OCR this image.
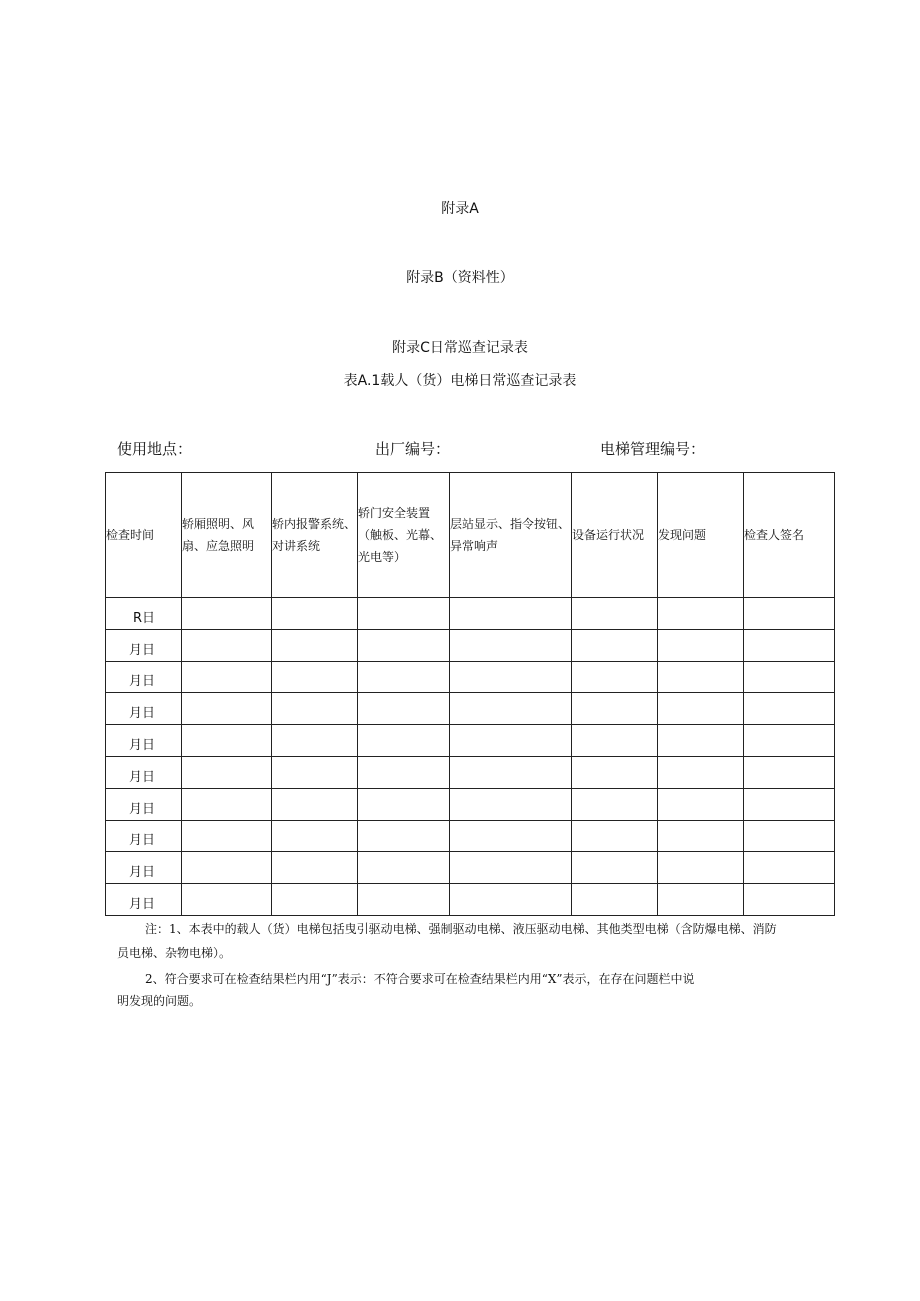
附录A
附录B（资料性）
附录C日常巡查记录表
表A.1载人（货）电梯日常巡查记录表
使用地点：	出厂编号：	电梯管理编号：
检查时间	轿厢照明、风扇、应急照明	轿内报警系统、对讲系统	轿门安全装置（触板、光幕、光电等）	层站显示、指令按钮、异常响声	设备运行状况	发现问题	检查人签名
R日							
月日							
月日							
月日							
月日							
月日							
月日							
月日							
月日							
月日							
注：1、本表中的载人（货）电梯包括曳引驱动电梯、强制驱动电梯、液压驱动电梯、其他类型电梯（含防爆电梯、消防
员电梯、杂物电梯）。
2、符合要求可在检查结果栏内用“J”表示：不符合要求可在检查结果栏内用“X”表示，在存在问题栏中说
明发现的问题。
